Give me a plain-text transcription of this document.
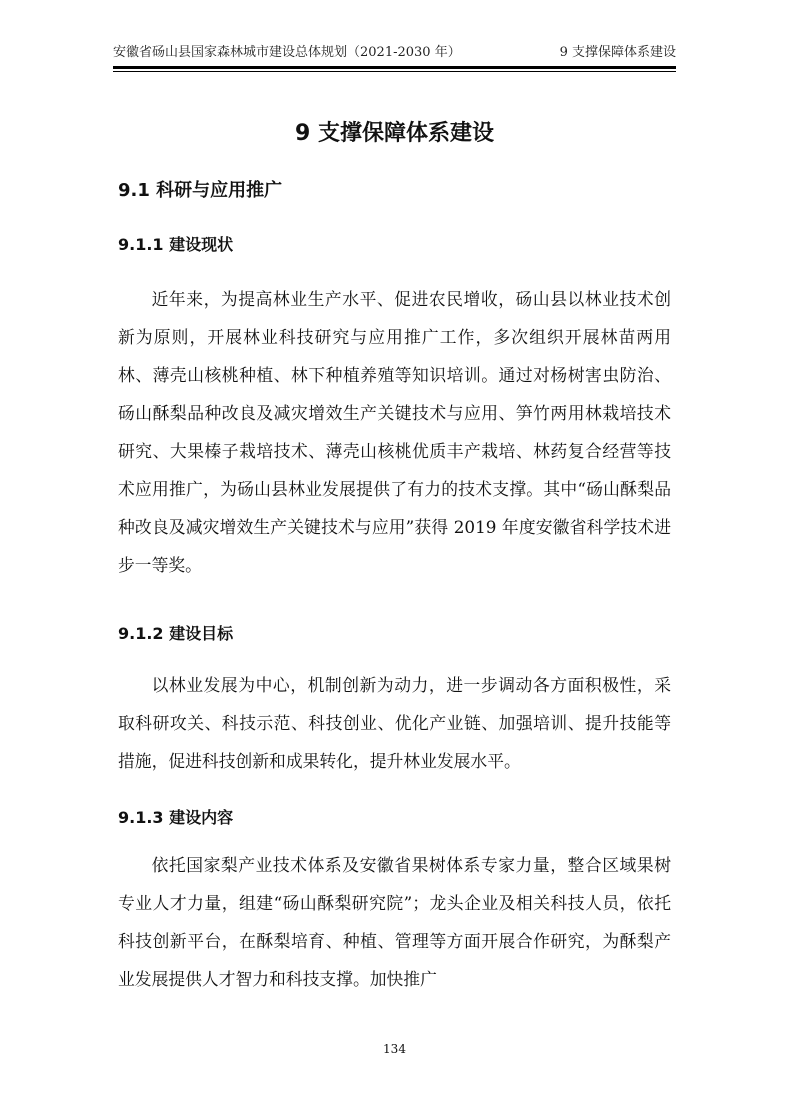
安徽省砀山县国家森林城市建设总体规划（2021-2030 年）	9 支撑保障体系建设
9 支撑保障体系建设
9.1 科研与应用推广
9.1.1 建设现状

近年来，为提高林业生产水平、促进农民增收，砀山县以林业技术创新为原则，开展林业科技研究与应用推广工作，多次组织开展林苗两用林、薄壳山核桃种植、林下种植养殖等知识培训。通过对杨树害虫防治、砀山酥梨品种改良及减灾增效生产关键技术与应用、笋竹两用林栽培技术研究、大果榛子栽培技术、薄壳山核桃优质丰产栽培、林药复合经营等技术应用推广，为砀山县林业发展提供了有力的技术支撑。其中“砀山酥梨品种改良及减灾增效生产关键技术与应用”获得 2019 年度安徽省科学技术进步一等奖。

9.1.2 建设目标

以林业发展为中心，机制创新为动力，进一步调动各方面积极性，采取科研攻关、科技示范、科技创业、优化产业链、加强培训、提升技能等措施，促进科技创新和成果转化，提升林业发展水平。

9.1.3 建设内容

依托国家梨产业技术体系及安徽省果树体系专家力量，整合区域果树专业人才力量，组建“砀山酥梨研究院”；龙头企业及相关科技人员，依托科技创新平台，在酥梨培育、种植、管理等方面开展合作研究，为酥梨产业发展提供人才智力和科技支撑。加快推广

134
